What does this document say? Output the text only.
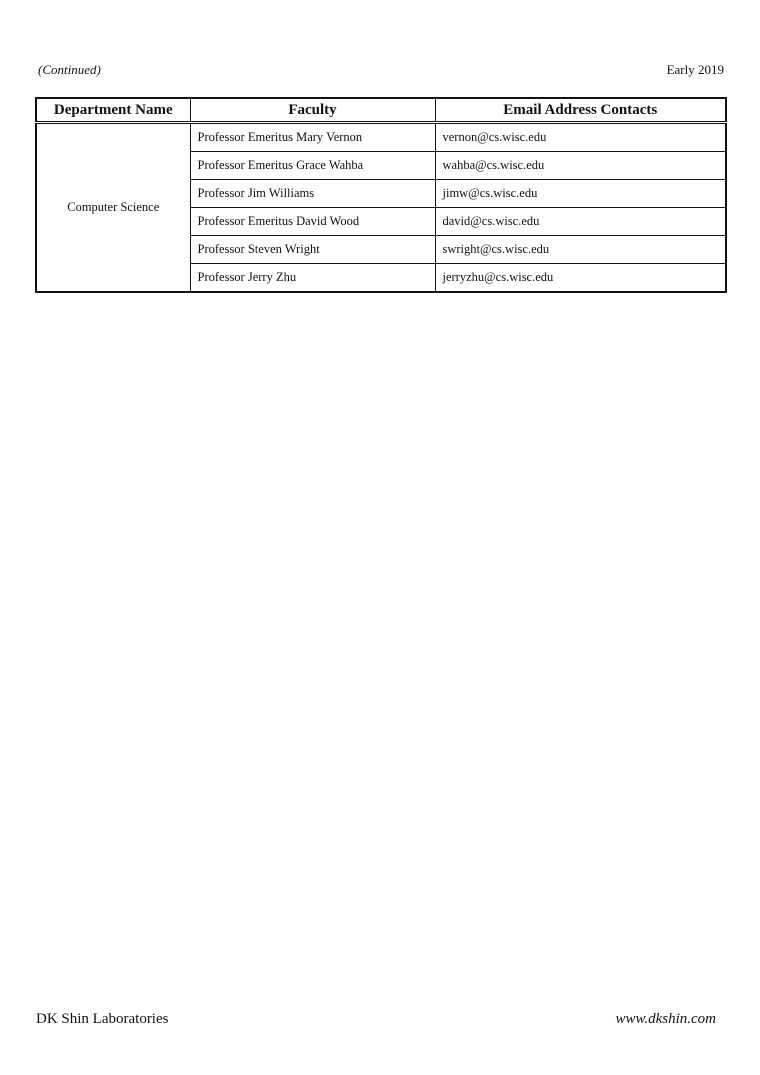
(Continued)	Early 2019
Department Name	Faculty	Email Address Contacts
Computer Science	Professor Emeritus Mary Vernon	vernon@cs.wisc.edu
	Professor Emeritus Grace Wahba	wahba@cs.wisc.edu
	Professor Jim Williams	jimw@cs.wisc.edu
	Professor Emeritus David Wood	david@cs.wisc.edu
	Professor Steven Wright	swright@cs.wisc.edu
	Professor Jerry Zhu	jerryzhu@cs.wisc.edu
DK Shin Laboratories	www.dkshin.com
